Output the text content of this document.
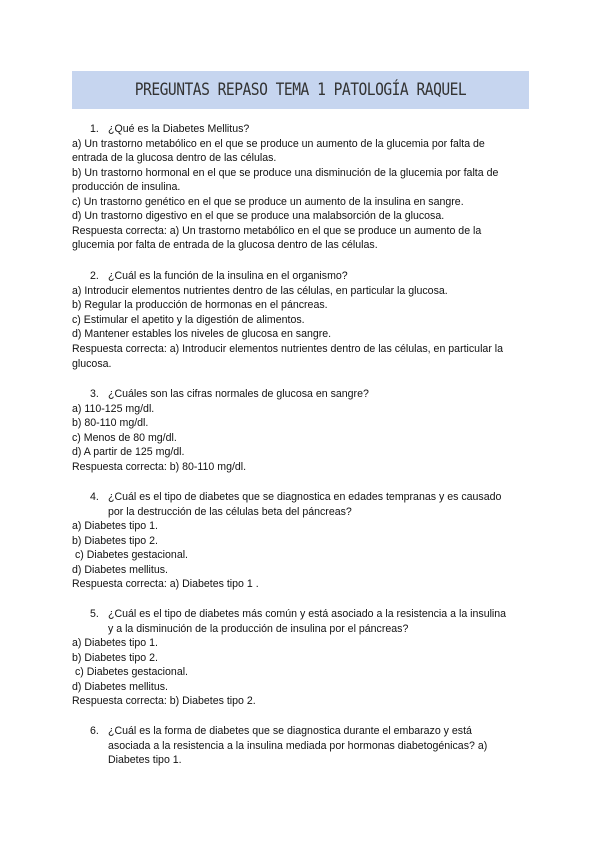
PREGUNTAS REPASO TEMA 1 PATOLOGÍA RAQUEL
1. ¿Qué es la Diabetes Mellitus?
a) Un trastorno metabólico en el que se produce un aumento de la glucemia por falta de
entrada de la glucosa dentro de las células.
b) Un trastorno hormonal en el que se produce una disminución de la glucemia por falta de
producción de insulina.
c) Un trastorno genético en el que se produce un aumento de la insulina en sangre.
d) Un trastorno digestivo en el que se produce una malabsorción de la glucosa.
Respuesta correcta: a) Un trastorno metabólico en el que se produce un aumento de la
glucemia por falta de entrada de la glucosa dentro de las células.
2. ¿Cuál es la función de la insulina en el organismo?
a) Introducir elementos nutrientes dentro de las células, en particular la glucosa.
b) Regular la producción de hormonas en el páncreas.
c) Estimular el apetito y la digestión de alimentos.
d) Mantener estables los niveles de glucosa en sangre.
Respuesta correcta: a) Introducir elementos nutrientes dentro de las células, en particular la
glucosa.
3. ¿Cuáles son las cifras normales de glucosa en sangre?
a) 110-125 mg/dl.
b) 80-110 mg/dl.
c) Menos de 80 mg/dl.
d) A partir de 125 mg/dl.
Respuesta correcta: b) 80-110 mg/dl.
4. ¿Cuál es el tipo de diabetes que se diagnostica en edades tempranas y es causado
por la destrucción de las células beta del páncreas?
a) Diabetes tipo 1.
b) Diabetes tipo 2.
c) Diabetes gestacional.
d) Diabetes mellitus.
Respuesta correcta: a) Diabetes tipo 1 .
5. ¿Cuál es el tipo de diabetes más común y está asociado a la resistencia a la insulina
y a la disminución de la producción de insulina por el páncreas?
a) Diabetes tipo 1.
b) Diabetes tipo 2.
c) Diabetes gestacional.
d) Diabetes mellitus.
Respuesta correcta: b) Diabetes tipo 2.
6. ¿Cuál es la forma de diabetes que se diagnostica durante el embarazo y está
asociada a la resistencia a la insulina mediada por hormonas diabetogénicas? a)
Diabetes tipo 1.
